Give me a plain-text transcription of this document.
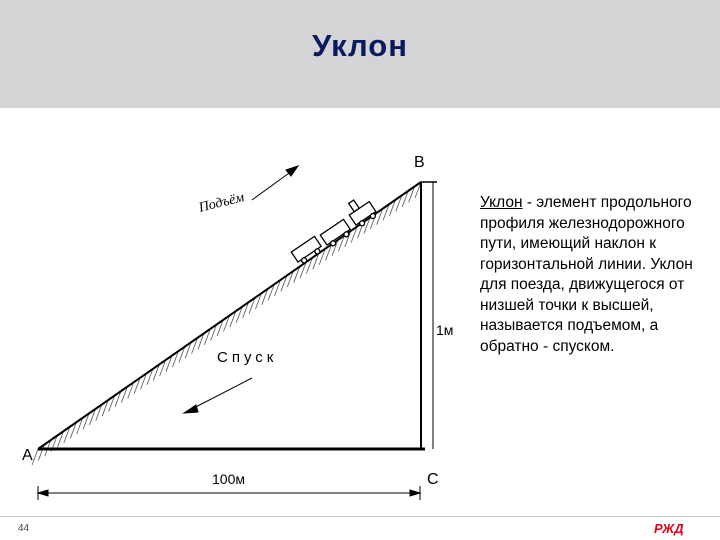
Уклон
A
B
C
1м
100м
Подъём
Спуск
Уклон - элемент продольного профиля железнодорожного пути, имеющий наклон к горизонтальной линии. Уклон для поезда, движущегося от низшей точки к высшей, называется подъемом, а обратно - спуском.
44	РЖД
